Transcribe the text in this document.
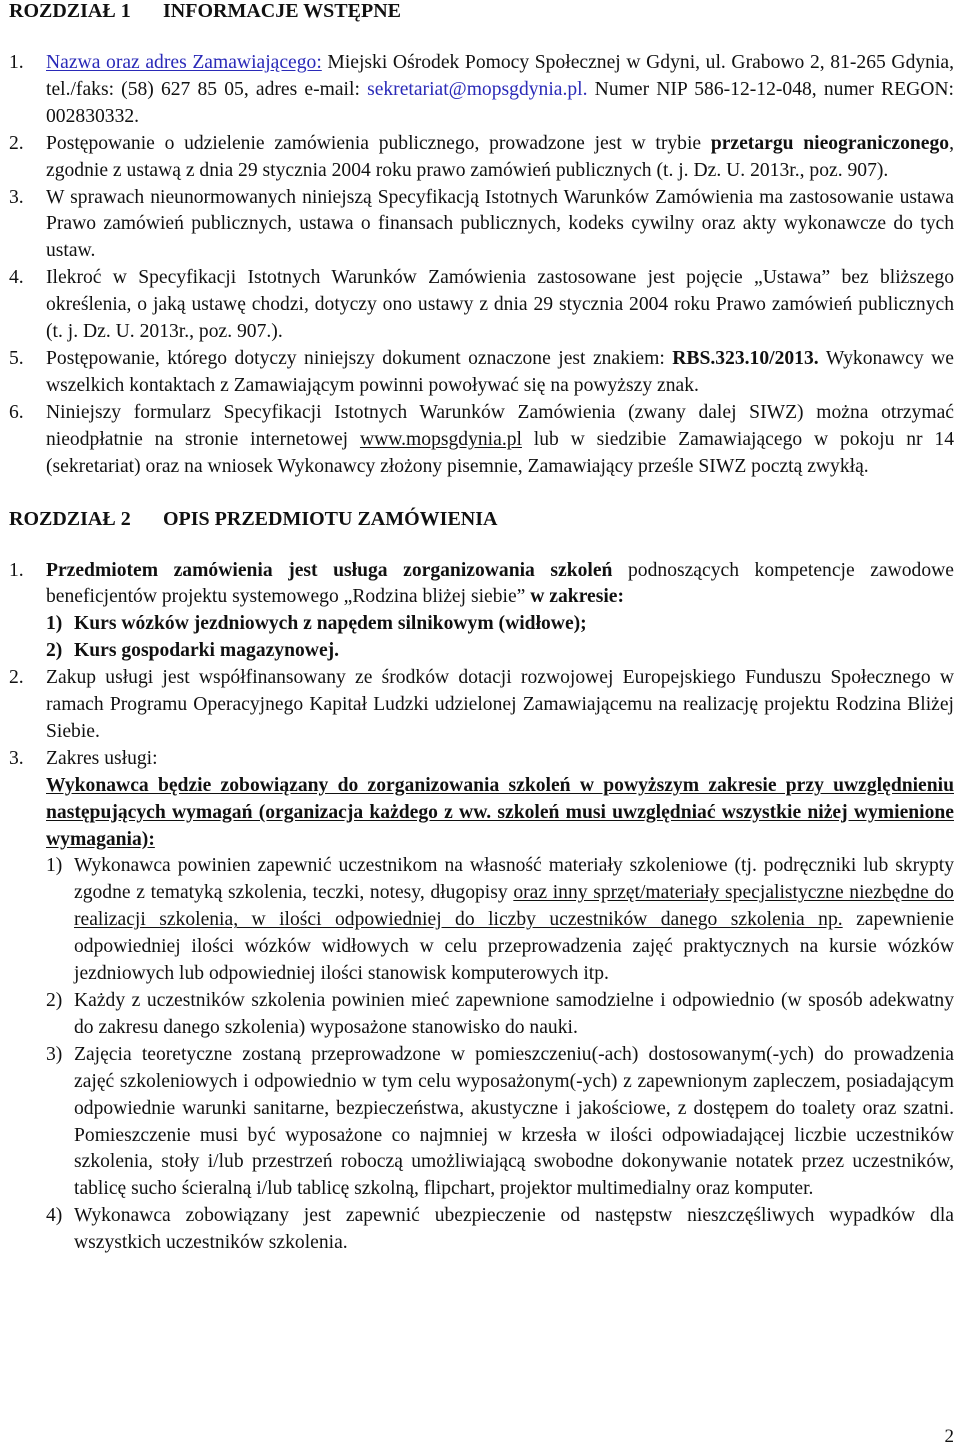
ROZDZIAŁ 1 INFORMACJE WSTĘPNE
1.	Nazwa oraz adres Zamawiającego: Miejski Ośrodek Pomocy Społecznej w Gdyni, ul. Grabowo 2, 81-265 Gdynia, tel./faks: (58) 627 85 05, adres e-mail: sekretariat@mopsgdynia.pl. Numer NIP 586-12-12-048, numer REGON: 002830332.
2.	Postępowanie o udzielenie zamówienia publicznego, prowadzone jest w trybie przetargu nieograniczonego, zgodnie z ustawą z dnia 29 stycznia 2004 roku prawo zamówień publicznych (t. j. Dz. U. 2013r., poz. 907).
3.	W sprawach nieunormowanych niniejszą Specyfikacją Istotnych Warunków Zamówienia ma zastosowanie ustawa Prawo zamówień publicznych, ustawa o finansach publicznych, kodeks cywilny oraz akty wykonawcze do tych ustaw.
4.	Ilekroć w Specyfikacji Istotnych Warunków Zamówienia zastosowane jest pojęcie „Ustawa” bez bliższego określenia, o jaką ustawę chodzi, dotyczy ono ustawy z dnia 29 stycznia 2004 roku Prawo zamówień publicznych (t. j. Dz. U. 2013r., poz. 907.).
5.	Postępowanie, którego dotyczy niniejszy dokument oznaczone jest znakiem: RBS.323.10/2013. Wykonawcy we wszelkich kontaktach z Zamawiającym powinni powoływać się na powyższy znak.
6.	Niniejszy formularz Specyfikacji Istotnych Warunków Zamówienia (zwany dalej SIWZ) można otrzymać nieodpłatnie na stronie internetowej www.mopsgdynia.pl lub w siedzibie Zamawiającego w pokoju nr 14 (sekretariat) oraz na wniosek Wykonawcy złożony pisemnie, Zamawiający prześle SIWZ pocztą zwykłą.
ROZDZIAŁ 2 OPIS PRZEDMIOTU ZAMÓWIENIA
1.	Przedmiotem zamówienia jest usługa zorganizowania szkoleń podnoszących kompetencje zawodowe beneficjentów projektu systemowego „Rodzina bliżej siebie” w zakresie:
1) Kurs wózków jezdniowych z napędem silnikowym (widłowe);
2) Kurs gospodarki magazynowej.
2.	Zakup usługi jest współfinansowany ze środków dotacji rozwojowej Europejskiego Funduszu Społecznego w ramach Programu Operacyjnego Kapitał Ludzki udzielonej Zamawiającemu na realizację projektu Rodzina Bliżej Siebie.
3.	Zakres usługi:
Wykonawca będzie zobowiązany do zorganizowania szkoleń w powyższym zakresie przy uwzględnieniu następujących wymagań (organizacja każdego z ww. szkoleń musi uwzględniać wszystkie niżej wymienione wymagania):
1) Wykonawca powinien zapewnić uczestnikom na własność materiały szkoleniowe (tj. podręczniki lub skrypty zgodne z tematyką szkolenia, teczki, notesy, długopisy oraz inny sprzęt/materiały specjalistyczne niezbędne do realizacji szkolenia, w ilości odpowiedniej do liczby uczestników danego szkolenia np. zapewnienie odpowiedniej ilości wózków widłowych w celu przeprowadzenia zajęć praktycznych na kursie wózków jezdniowych lub odpowiedniej ilości stanowisk komputerowych itp.
2) Każdy z uczestników szkolenia powinien mieć zapewnione samodzielne i odpowiednio (w sposób adekwatny do zakresu danego szkolenia) wyposażone stanowisko do nauki.
3) Zajęcia teoretyczne zostaną przeprowadzone w pomieszczeniu(-ach) dostosowanym(-ych) do prowadzenia zajęć szkoleniowych i odpowiednio w tym celu wyposażonym(-ych) z zapewnionym zapleczem, posiadającym odpowiednie warunki sanitarne, bezpieczeństwa, akustyczne i jakościowe, z dostępem do toalety oraz szatni. Pomieszczenie musi być wyposażone co najmniej w krzesła w ilości odpowiadającej liczbie uczestników szkolenia, stoły i/lub przestrzeń roboczą umożliwiającą swobodne dokonywanie notatek przez uczestników, tablicę sucho ścieralną i/lub tablicę szkolną, flipchart, projektor multimedialny oraz komputer.
4) Wykonawca zobowiązany jest zapewnić ubezpieczenie od następstw nieszczęśliwych wypadków dla wszystkich uczestników szkolenia.
2
